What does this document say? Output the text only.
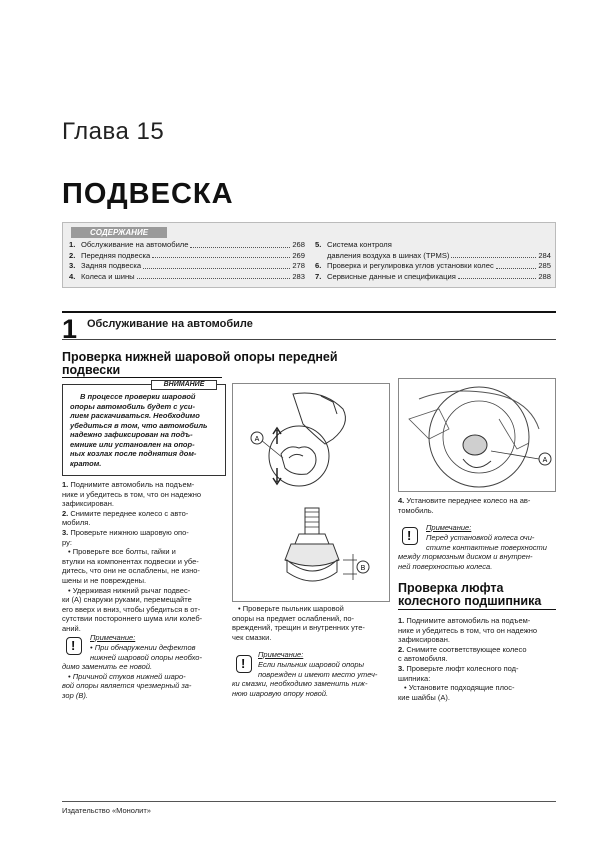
Глава 15
ПОДВЕСКА
СОДЕРЖАНИЕ
1. Обслуживание на автомобиле	268
2. Передняя подвеска	269
3. Задняя подвеска	278
4. Колеса и шины	283
5. Система контроля
давления воздуха в шинах (TPMS)	284
6. Проверка и регулировка углов установки колес	285
7. Сервисные данные и спецификация	288
1 Обслуживание на автомобиле
Проверка нижней шаровой опоры передней
подвески
ВНИМАНИЕ
В процессе проверки шаровой
опоры автомобиль будет с уси-
лием раскачиваться. Необходимо
убедиться в том, что автомобиль
надежно зафиксирован на подъ-
емнике или установлен на опор-
ных козлах после поднятия дом-
кратом.
1. Поднимите автомобиль на подъем-
нике и убедитесь в том, что он надежно
зафиксирован.
2. Снимите переднее колесо с авто-
мобиля.
3. Проверьте нижнюю шаровую опо-
ру:
• Проверьте все болты, гайки и
втулки на компонентах подвески и убе-
дитесь, что они не ослаблены, не изно-
шены и не повреждены.
• Удерживая нижний рычаг подвес-
ки (A) снаружи руками, перемещайте
его вверх и вниз, чтобы убедиться в от-
сутствии постороннего шума или колеб-
аний.
!
Примечание:
• При обнаружении дефектов
нижней шаровой опоры необхо-
димо заменить ее новой.
• Причиной стуков нижней шаро-
вой опоры является чрезмерный за-
зор (B).
A
B
• Проверьте пыльник шаровой
опоры на предмет ослаблений, по-
вреждений, трещин и внутренних уте-
чек смазки.
!
Примечание:
Если пыльник шаровой опоры
поврежден и имеют место утеч-
ки смазки, необходимо заменить ниж-
нюю шаровую опору новой.
A
4. Установите переднее колесо на ав-
томобиль.
!
Примечание:
Перед установкой колеса очи-
стите контактные поверхности
между тормозным диском и внутрен-
ней поверхностью колеса.
Проверка люфта
колесного подшипника
1. Поднимите автомобиль на подъем-
нике и убедитесь в том, что он надежно
зафиксирован.
2. Снимите соответствующее колесо
с автомобиля.
3. Проверьте люфт колесного под-
шипника:
• Установите подходящие плос-
кие шайбы (A).
Издательство «Монолит»
